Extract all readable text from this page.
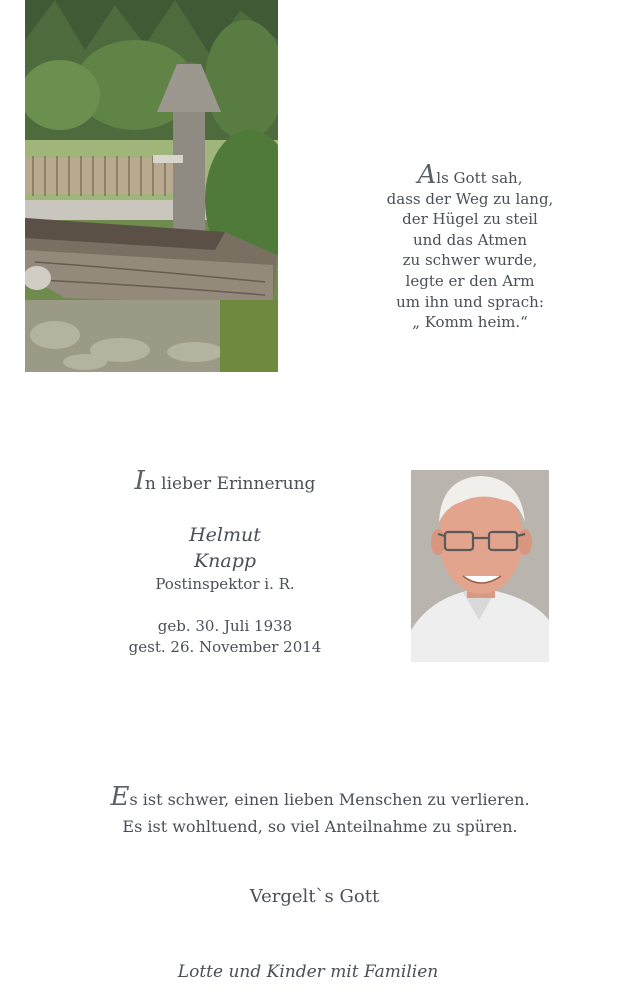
Als Gott sah,
dass der Weg zu lang,
der Hügel zu steil
und das Atmen
zu schwer wurde,
legte er den Arm
um ihn und sprach:
„ Komm heim.“
In lieber Erinnerung
Helmut
Knapp
Postinspektor i. R.
geb. 30. Juli 1938
gest. 26. November 2014
Es ist schwer, einen lieben Menschen zu verlieren.
Es ist wohltuend, so viel Anteilnahme zu spüren.
Vergelt`s Gott
Lotte und Kinder mit Familien
